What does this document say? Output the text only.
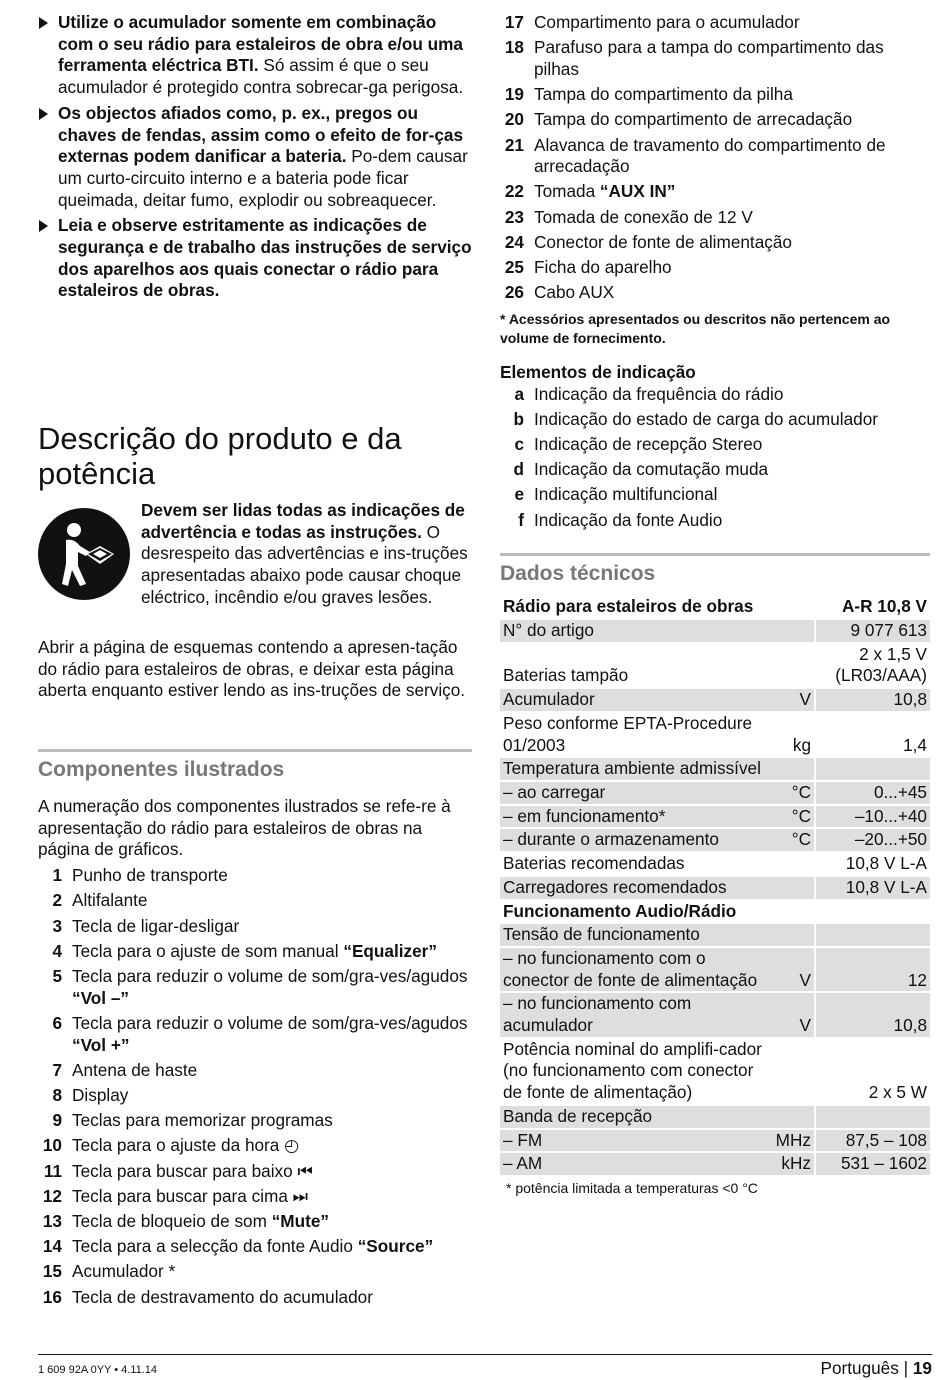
Utilize o acumulador somente em combinação com o seu rádio para estaleiros de obra e/ou uma ferramenta eléctrica BTI. Só assim é que o seu acumulador é protegido contra sobrecar-ga perigosa.
Os objectos afiados como, p. ex., pregos ou chaves de fendas, assim como o efeito de for-ças externas podem danificar a bateria. Po-dem causar um curto-circuito interno e a bateria pode ficar queimada, deitar fumo, explodir ou sobreaquecer.
Leia e observe estritamente as indicações de segurança e de trabalho das instruções de serviço dos aparelhos aos quais conectar o rádio para estaleiros de obras.
Descrição do produto e da potência
Devem ser lidas todas as indicações de advertência e todas as instruções. O desrespeito das advertências e ins-truções apresentadas abaixo pode causar choque eléctrico, incêndio e/ou graves lesões.
Abrir a página de esquemas contendo a apresen-tação do rádio para estaleiros de obras, e deixar esta página aberta enquanto estiver lendo as ins-truções de serviço.
Componentes ilustrados
A numeração dos componentes ilustrados se refe-re à apresentação do rádio para estaleiros de obras na página de gráficos.
1 Punho de transporte
2 Altifalante
3 Tecla de ligar-desligar
4 Tecla para o ajuste de som manual “Equalizer”
5 Tecla para reduzir o volume de som/gra-ves/agudos “Vol –”
6 Tecla para reduzir o volume de som/gra-ves/agudos “Vol +”
7 Antena de haste
8 Display
9 Teclas para memorizar programas
10 Tecla para o ajuste da hora ◴
11 Tecla para buscar para baixo ⏮
12 Tecla para buscar para cima ⏭
13 Tecla de bloqueio de som “Mute”
14 Tecla para a selecção da fonte Audio “Source”
15 Acumulador *
16 Tecla de destravamento do acumulador
17 Compartimento para o acumulador
18 Parafuso para a tampa do compartimento das pilhas
19 Tampa do compartimento da pilha
20 Tampa do compartimento de arrecadação
21 Alavanca de travamento do compartimento de arrecadação
22 Tomada “AUX IN”
23 Tomada de conexão de 12 V
24 Conector de fonte de alimentação
25 Ficha do aparelho
26 Cabo AUX
* Acessórios apresentados ou descritos não pertencem ao volume de fornecimento.
Elementos de indicação
a Indicação da frequência do rádio
b Indicação do estado de carga do acumulador
c Indicação de recepção Stereo
d Indicação da comutação muda
e Indicação multifuncional
f Indicação da fonte Audio
Dados técnicos
Rádio para estaleiros de obras		A-R 10,8 V
N° do artigo		9 077 613
Baterias tampão		2 x 1,5 V (LR03/AAA)
Acumulador	V	10,8
Peso conforme EPTA-Procedure 01/2003	kg	1,4
Temperatura ambiente admissível		
– ao carregar	°C	0...+45
– em funcionamento*	°C	–10...+40
– durante o armazenamento	°C	–20...+50
Baterias recomendadas		10,8 V L-A
Carregadores recomendados		10,8 V L-A
Funcionamento Audio/Rádio		
Tensão de funcionamento		
– no funcionamento com o conector de fonte de alimentação	V	12
– no funcionamento com acumulador	V	10,8
Potência nominal do amplifi-cador (no funcionamento com conector de fonte de alimentação)		2 x 5 W
Banda de recepção		
– FM	MHz	87,5 – 108
– AM	kHz	531 – 1602
* potência limitada a temperaturas <0 °C
1 609 92A 0YY • 4.11.14	Português | 19
